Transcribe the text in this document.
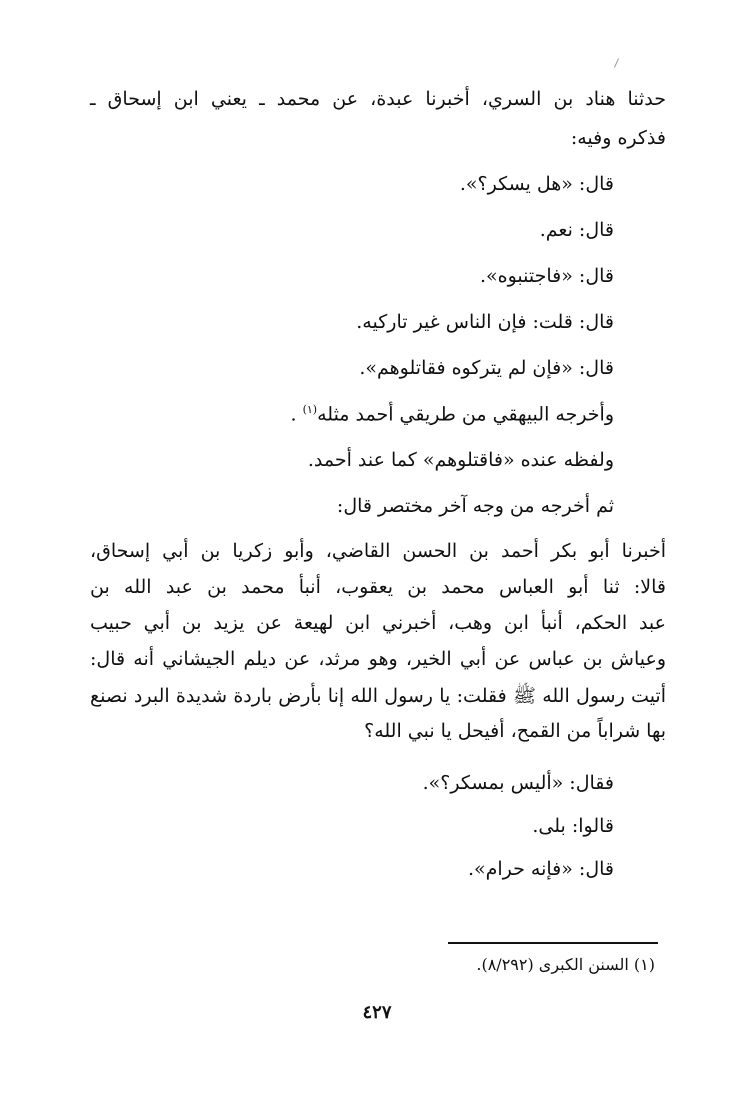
حدثنا هناد بن السري، أخبرنا عبدة، عن محمد ـ يعني ابن إسحاق ـ
فذكره وفيه:
قال: «هل يسكر؟».
قال: نعم.
قال: «فاجتنبوه».
قال: قلت: فإن الناس غير تاركيه.
قال: «فإن لم يتركوه فقاتلوهم».
وأخرجه البيهقي من طريقي أحمد مثله$^{(١)}$ .
ولفظه عنده «فاقتلوهم» كما عند أحمد.
ثم أخرجه من وجه آخر مختصر قال:
أخبرنا أبو بكر أحمد بن الحسن القاضي، وأبو زكريا بن أبي إسحاق،
قالا: ثنا أبو العباس محمد بن يعقوب، أنبأ محمد بن عبد الله بن
عبد الحكم، أنبأ ابن وهب، أخبرني ابن لهيعة عن يزيد بن أبي حبيب
وعياش بن عباس عن أبي الخير، وهو مرثد، عن ديلم الجيشاني أنه قال:
أتيت رسول الله ﷺ فقلت: يا رسول الله إنا بأرض باردة شديدة البرد نصنع
بها شراباً من القمح، أفيحل يا نبي الله؟
فقال: «أليس بمسكر؟».
قالوا: بلى.
قال: «فإنه حرام».
(١) السنن الكبرى (٨/٢٩٢).
٤٢٧
